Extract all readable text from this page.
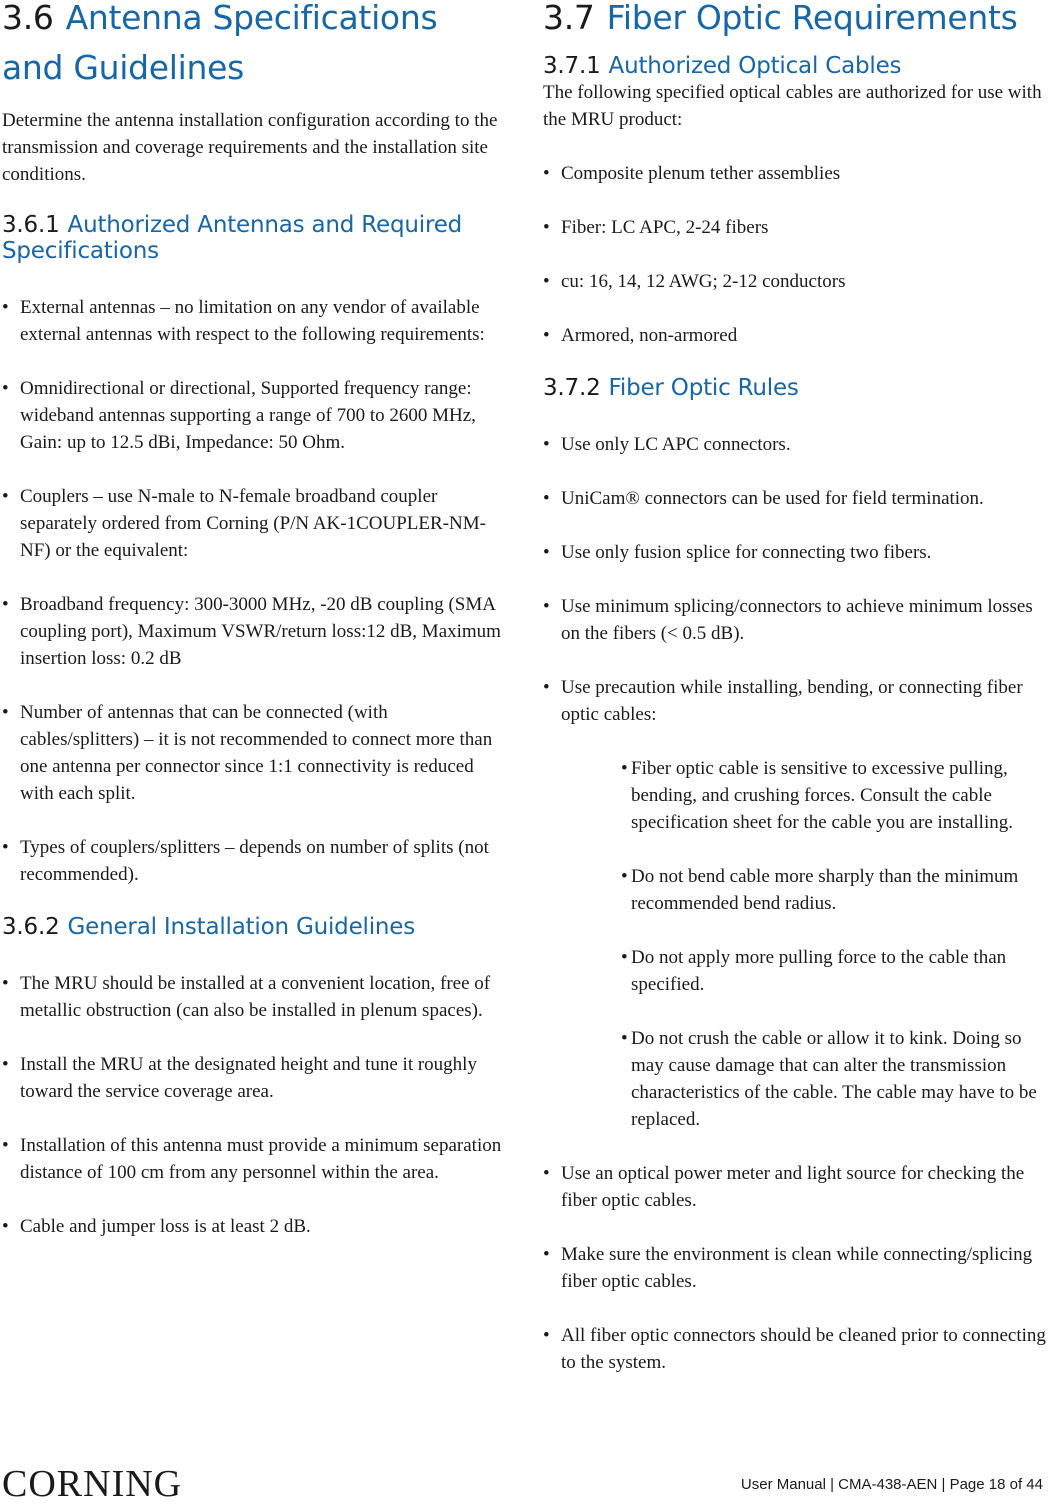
3.6 Antenna Specifications and Guidelines

Determine the antenna installation configuration according to the transmission and coverage requirements and the installation site conditions.

3.6.1 Authorized Antennas and Required Specifications
• External antennas – no limitation on any vendor of available external antennas with respect to the following requirements:
• Omnidirectional or directional, Supported frequency range: wideband antennas supporting a range of 700 to 2600 MHz, Gain: up to 12.5 dBi, Impedance: 50 Ohm.
• Couplers – use N-male to N-female broadband coupler separately ordered from Corning (P/N AK-1COUPLER-NM-NF) or the equivalent:
• Broadband frequency: 300-3000 MHz, -20 dB coupling (SMA coupling port), Maximum VSWR/return loss:12 dB, Maximum insertion loss: 0.2 dB
• Number of antennas that can be connected (with cables/splitters) – it is not recommended to connect more than one antenna per connector since 1:1 connectivity is reduced with each split.
• Types of couplers/splitters – depends on number of splits (not recommended).
3.6.2 General Installation Guidelines
• The MRU should be installed at a convenient location, free of metallic obstruction (can also be installed in plenum spaces).
• Install the MRU at the designated height and tune it roughly toward the service coverage area.
• Installation of this antenna must provide a minimum separation distance of 100 cm from any personnel within the area.
• Cable and jumper loss is at least 2 dB.
3.7 Fiber Optic Requirements
3.7.1 Authorized Optical Cables

The following specified optical cables are authorized for use with the MRU product:

• Composite plenum tether assemblies
• Fiber: LC APC, 2-24 fibers
• cu: 16, 14, 12 AWG; 2-12 conductors
• Armored, non-armored
3.7.2 Fiber Optic Rules
• Use only LC APC connectors.
• UniCam® connectors can be used for field termination.
• Use only fusion splice for connecting two fibers.
• Use minimum splicing/connectors to achieve minimum losses on the fibers (< 0.5 dB).
• Use precaution while installing, bending, or connecting fiber optic cables:
• Fiber optic cable is sensitive to excessive pulling, bending, and crushing forces. Consult the cable specification sheet for the cable you are installing.
• Do not bend cable more sharply than the minimum recommended bend radius.
• Do not apply more pulling force to the cable than specified.
• Do not crush the cable or allow it to kink. Doing so may cause damage that can alter the transmission characteristics of the cable. The cable may have to be replaced.
• Use an optical power meter and light source for checking the fiber optic cables.
• Make sure the environment is clean while connecting/splicing fiber optic cables.
• All fiber optic connectors should be cleaned prior to connecting to the system.
CORNING	User Manual | CMA-438-AEN | Page 18 of 44
